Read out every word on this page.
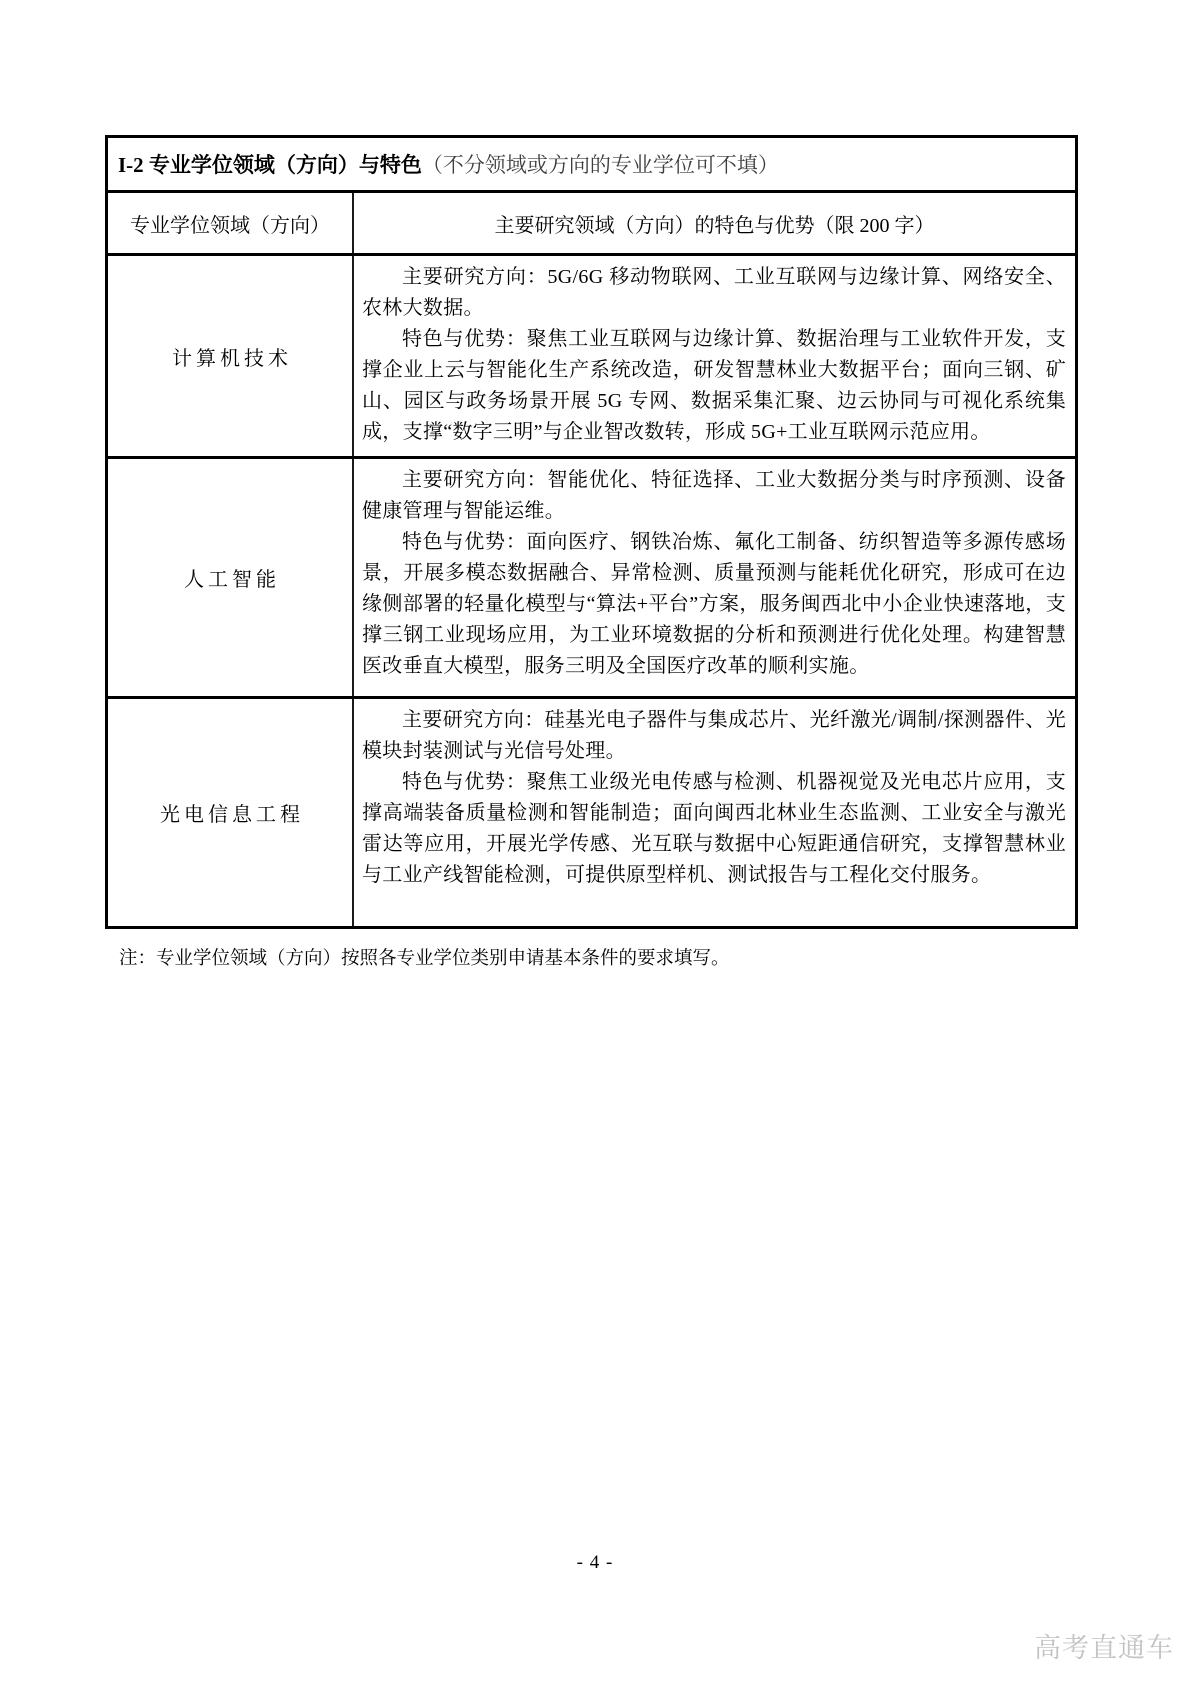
I-2 专业学位领域（方向）与特色（不分领域或方向的专业学位可不填）
专业学位领域（方向）	主要研究领域（方向）的特色与优势（限 200 字）
计算机技术

主要研究方向：5G/6G 移动物联网、工业互联网与边缘计算、网络安全、农林大数据。

特色与优势：聚焦工业互联网与边缘计算、数据治理与工业软件开发，支撑企业上云与智能化生产系统改造，研发智慧林业大数据平台；面向三钢、矿山、园区与政务场景开展 5G 专网、数据采集汇聚、边云协同与可视化系统集成，支撑“数字三明”与企业智改数转，形成 5G+工业互联网示范应用。

人工智能

主要研究方向：智能优化、特征选择、工业大数据分类与时序预测、设备健康管理与智能运维。

特色与优势：面向医疗、钢铁冶炼、氟化工制备、纺织智造等多源传感场景，开展多模态数据融合、异常检测、质量预测与能耗优化研究，形成可在边缘侧部署的轻量化模型与“算法+平台”方案，服务闽西北中小企业快速落地，支撑三钢工业现场应用，为工业环境数据的分析和预测进行优化处理。构建智慧医改垂直大模型，服务三明及全国医疗改革的顺利实施。

光电信息工程

主要研究方向：硅基光电子器件与集成芯片、光纤激光/调制/探测器件、光模块封装测试与光信号处理。

特色与优势：聚焦工业级光电传感与检测、机器视觉及光电芯片应用，支撑高端装备质量检测和智能制造；面向闽西北林业生态监测、工业安全与激光雷达等应用，开展光学传感、光互联与数据中心短距通信研究，支撑智慧林业与工业产线智能检测，可提供原型样机、测试报告与工程化交付服务。

注：专业学位领域（方向）按照各专业学位类别申请基本条件的要求填写。
- 4 -
高考直通车
